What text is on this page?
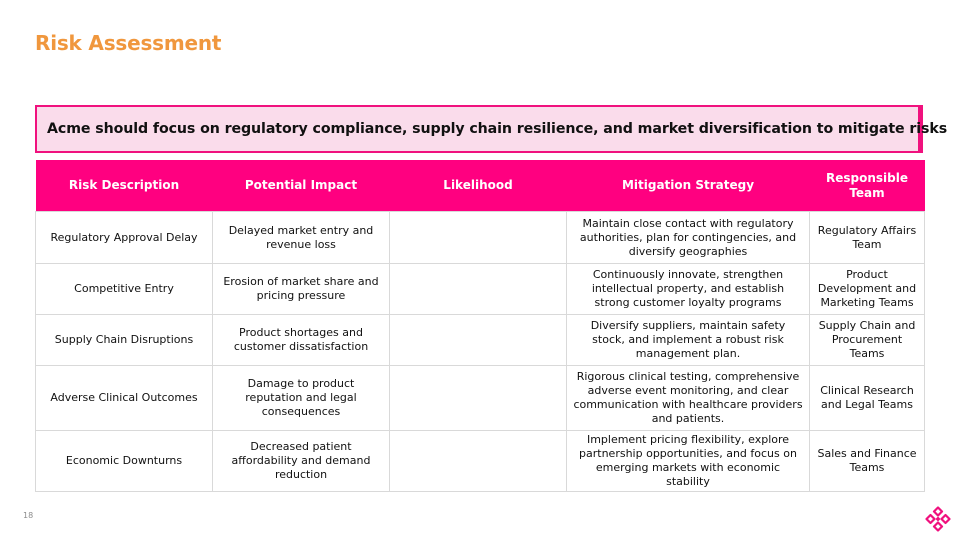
Risk Assessment
Acme should focus on regulatory compliance, supply chain resilience, and market diversification to mitigate risks
Risk Description	Potential Impact	Likelihood	Mitigation Strategy	Responsible Team
Regulatory Approval Delay	Delayed market entry and revenue loss		Maintain close contact with regulatory authorities, plan for contingencies, and diversify geographies	Regulatory Affairs Team
Competitive Entry	Erosion of market share and pricing pressure		Continuously innovate, strengthen intellectual property, and establish strong customer loyalty programs	Product Development and Marketing Teams
Supply Chain Disruptions	Product shortages and customer dissatisfaction		Diversify suppliers, maintain safety stock, and implement a robust risk management plan.	Supply Chain and Procurement Teams
Adverse Clinical Outcomes	Damage to product reputation and legal consequences		Rigorous clinical testing, comprehensive adverse event monitoring, and clear communication with healthcare providers and patients.	Clinical Research and Legal Teams
Economic Downturns	Decreased patient affordability and demand reduction		Implement pricing flexibility, explore partnership opportunities, and focus on emerging markets with economic stability	Sales and Finance Teams
18
